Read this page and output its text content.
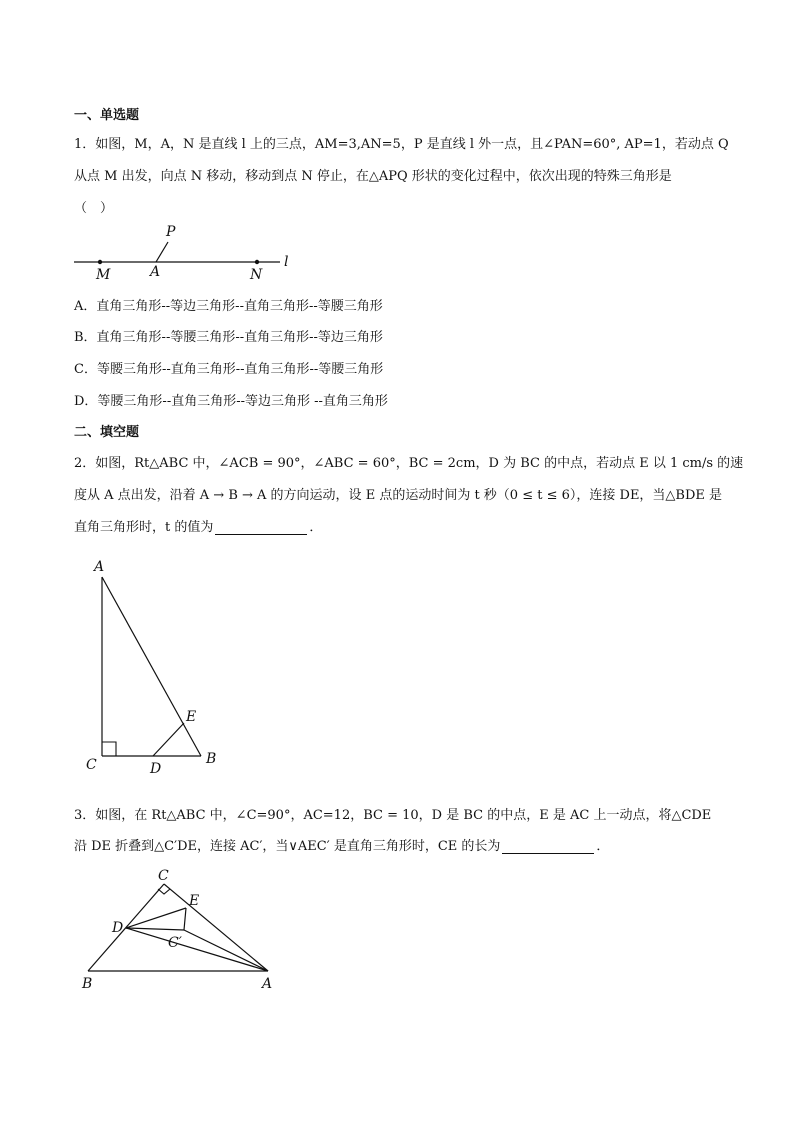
一、单选题
1．如图，M，A，N 是直线 l 上的三点，AM=3,AN=5，P 是直线 l 外一点，且∠PAN=60°, AP=1，若动点 Q
从点 M 出发，向点 N 移动，移动到点 N 停止，在△APQ 形状的变化过程中，依次出现的特殊三角形是
（　）
P
M	A	N
l
A．直角三角形--等边三角形--直角三角形--等腰三角形
B．直角三角形--等腰三角形--直角三角形--等边三角形
C．等腰三角形--直角三角形--直角三角形--等腰三角形
D．等腰三角形--直角三角形--等边三角形 --直角三角形
二、填空题
2．如图，Rt△ABC 中，∠ACB = 90°，∠ABC = 60°，BC = 2cm，D 为 BC 的中点，若动点 E 以 1 cm/s 的速
度从 A 点出发，沿着 A → B → A 的方向运动，设 E 点的运动时间为 t 秒（0 ≤ t ≤ 6），连接 DE，当△BDE 是
直角三角形时，t 的值为	．
A
E
C	D
B
3．如图，在 Rt△ABC 中，∠C=90°，AC=12，BC = 10，D 是 BC 的中点，E 是 AC 上一动点，将△CDE
沿 DE 折叠到△C′DE，连接 AC′，当∨AEC′ 是直角三角形时，CE 的长为	．
C
E
D
C′
B	A
